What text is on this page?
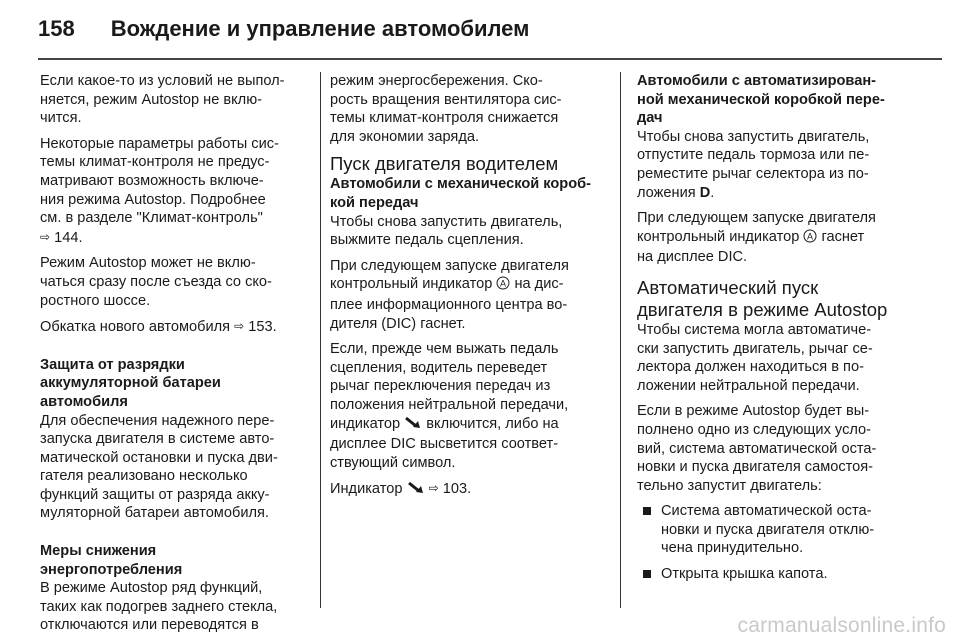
158 Вождение и управление автомобилем

Если какое-то из условий не выпол-
няется, режим Autostop не вклю-
чится.

Некоторые параметры работы сис-
темы климат-контроля не предус-
матривают возможность включе-
ния режима Autostop. Подробнее
см. в разделе "Климат-контроль"
⇨ 144.

Режим Autostop может не вклю-
чаться сразу после съезда со ско-
ростного шоссе.

Обкатка нового автомобиля ⇨ 153.

Защита от разрядки
аккумуляторной батареи
автомобиля

Для обеспечения надежного пере-
запуска двигателя в системе авто-
матической остановки и пуска дви-
гателя реализовано несколько
функций защиты от разряда акку-
муляторной батареи автомобиля.

Меры снижения
энергопотребления

В режиме Autostop ряд функций,
таких как подогрев заднего стекла,
отключаются или переводятся в

режим энергосбережения. Ско-
рость вращения вентилятора сис-
темы климат-контроля снижается
для экономии заряда.

Пуск двигателя водителем
Автомобили с механической короб-
кой передач

Чтобы снова запустить двигатель,
выжмите педаль сцепления.

При следующем запуске двигателя
контрольный индикатор A на дис-
плее информационного центра во-
дителя (DIC) гаснет.

Если, прежде чем выжать педаль
сцепления, водитель переведет
рычаг переключения передач из
положения нейтральной передачи,
индикатор включится, либо на
дисплее DIC высветится соответ-
ствующий символ.

Индикатор ⇨ 103.

Автомобили с автоматизирован-
ной механической коробкой пере-
дач

Чтобы снова запустить двигатель,
отпустите педаль тормоза или пе-
реместите рычаг селектора из по-
ложения D.

При следующем запуске двигателя
контрольный индикатор A гаснет
на дисплее DIC.

Автоматический пуск
двигателя в режиме Autostop

Чтобы система могла автоматиче-
ски запустить двигатель, рычаг се-
лектора должен находиться в по-
ложении нейтральной передачи.

Если в режиме Autostop будет вы-
полнено одно из следующих усло-
вий, система автоматической оста-
новки и пуска двигателя самостоя-
тельно запустит двигатель:

Система автоматической оста-
новки и пуска двигателя отклю-
чена принудительно.
Открыта крышка капота.
carmanualsonline.info
